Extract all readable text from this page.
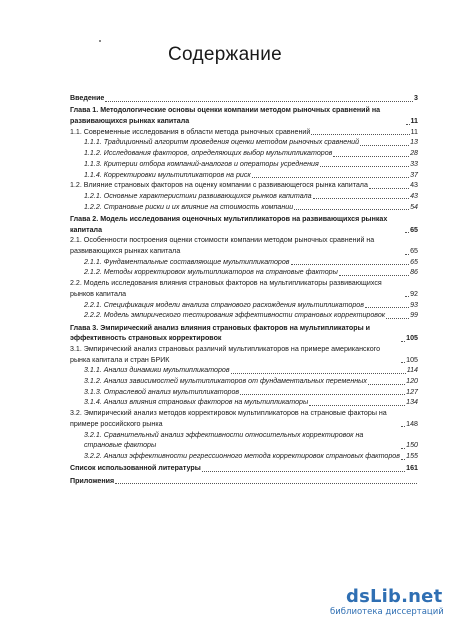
Содержание
Введение	3
Глава 1. Методологические основы оценки компании методом рыночных сравнений на развивающихся рынках капитала	11
1.1. Современные исследования в области метода рыночных сравнений	11
1.1.1. Традиционный алгоритм проведения оценки методом рыночных сравнений	13
1.1.2. Исследования факторов, определяющих выбор мультипликаторов	28
1.1.3. Критерии отбора компаний-аналогов и операторы усреднения	33
1.1.4. Корректировки мультипликаторов на риск	37
1.2. Влияние страновых факторов на оценку компании с развивающегося рынка капитала	43
1.2.1. Основные характеристики развивающихся рынков капитала	43
1.2.2. Страновые риски и их влияние на стоимость компании	54
Глава 2. Модель исследования оценочных мультипликаторов на развивающихся рынках капитала	65
2.1. Особенности построения оценки стоимости компании методом рыночных сравнений на развивающихся рынках капитала	65
2.1.1. Фундаментальные составляющие мультипликаторов	65
2.1.2. Методы корректировок мультипликаторов на страновые факторы	86
2.2. Модель исследования влияния страновых факторов на мультипликаторы развивающихся рынков капитала	92
2.2.1. Спецификация модели анализа странового расхождения мультипликаторов	93
2.2.2. Модель эмпирического тестирования эффективности страновых корректировок	99
Глава 3. Эмпирический анализ влияния страновых факторов на мультипликаторы и эффективность страновых корректировок	105
3.1. Эмпирический анализ страновых различий мультипликаторов на примере американского рынка капитала и стран БРИК	105
3.1.1. Анализ динамики мультипликаторов	114
3.1.2. Анализ зависимостей мультипликаторов от фундаментальных переменных	120
3.1.3. Отраслевой анализ мультипликаторов	127
3.1.4. Анализ влияния страновых факторов на мультипликаторы	134
3.2. Эмпирический анализ методов корректировок мультипликаторов на страновые факторы на примере российского рынка	148
3.2.1. Сравнительный анализ эффективности относительных корректировок на страновые факторы	150
3.2.2. Анализ эффективности регрессионного метода корректировок страновых факторов 155
Список использованной литературы	161
Приложения
dsLib.net
библиотека диссертаций
